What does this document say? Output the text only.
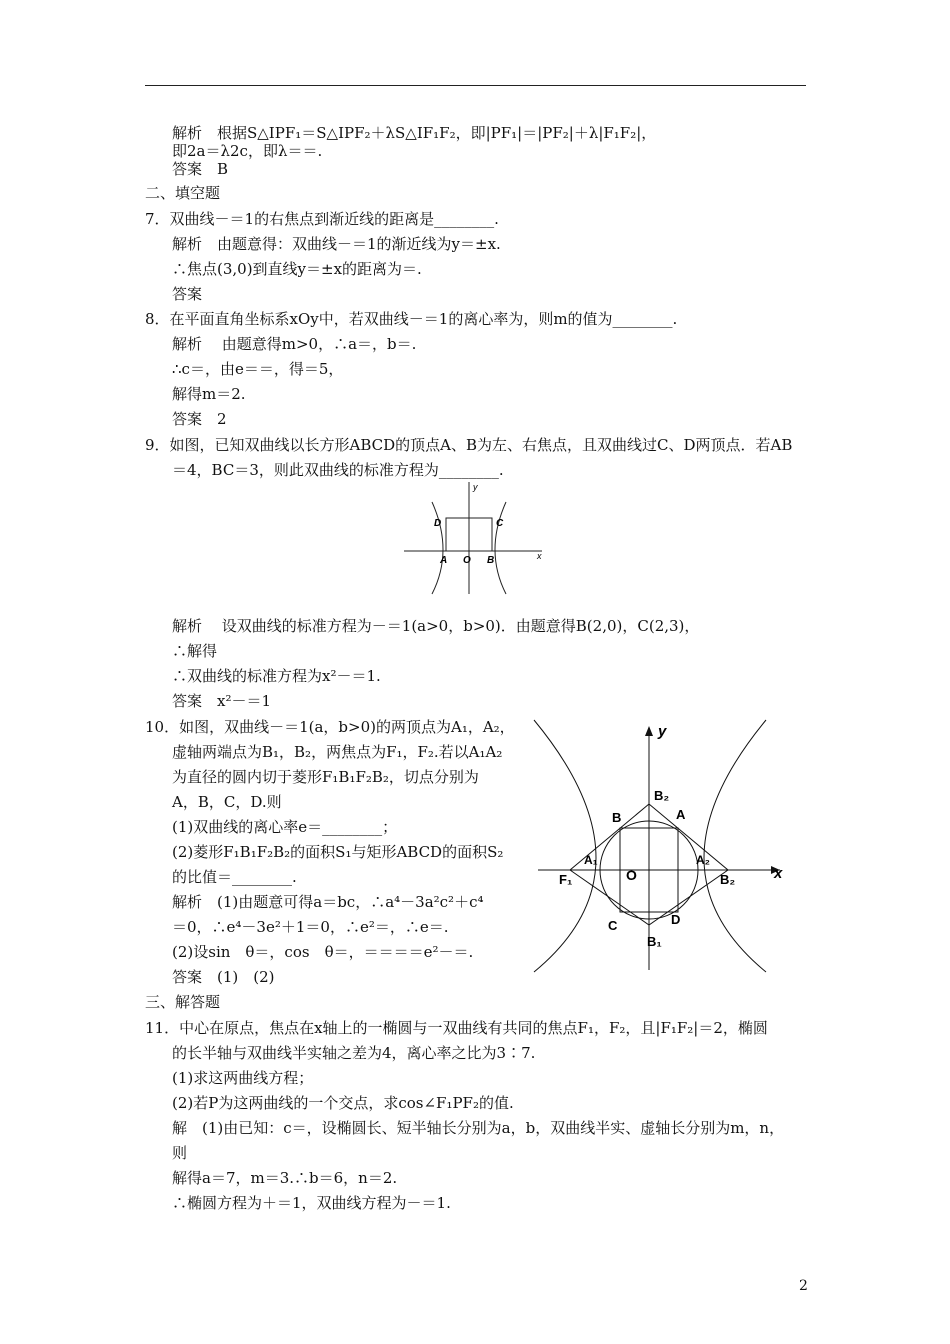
解析　根据S△IPF₁＝S△IPF₂＋λS△IF₁F₂，即|PF₁|＝|PF₂|＋λ|F₁F₂|，
即2a＝λ2c，即λ＝＝.
答案　B
二、填空题
7．双曲线－＝1的右焦点到渐近线的距离是________.
解析　由题意得：双曲线－＝1的渐近线为y＝±x.
∴焦点(3,0)到直线y＝±x的距离为＝.
答案
8．在平面直角坐标系xOy中，若双曲线－＝1的离心率为，则m的值为________.
解析　 由题意得m>0，∴a＝，b＝.
∴c＝，由e＝＝，得＝5，
解得m＝2.
答案　2
9．如图，已知双曲线以长方形ABCD的顶点A、B为左、右焦点，且双曲线过C、D两顶点．若AB
＝4，BC＝3，则此双曲线的标准方程为________.
y
x
D	C
A O B
解析　 设双曲线的标准方程为－＝1(a>0，b>0)．由题意得B(2,0)，C(2,3)，
∴解得
∴双曲线的标准方程为x²－＝1.
答案　x²－＝1
10．如图，双曲线－＝1(a，b>0)的两顶点为A₁，A₂，
虚轴两端点为B₁，B₂，两焦点为F₁，F₂.若以A₁A₂
为直径的圆内切于菱形F₁B₁F₂B₂，切点分别为
A，B，C，D.则
(1)双曲线的离心率e＝________；
(2)菱形F₁B₁F₂B₂的面积S₁与矩形ABCD的面积S₂
的比值＝________.
解析　(1)由题意可得a＝bc，∴a⁴－3a²c²＋c⁴
＝0，∴e⁴－3e²＋1＝0，∴e²＝，∴e＝.
(2)设sin　θ＝，cos　θ＝，＝＝＝＝e²－＝.
答案　(1)　(2)
y
x
B₂
A
B
A₁	A₂
O
F₁	B₂
C	D
B₁
三、解答题
11．中心在原点，焦点在x轴上的一椭圆与一双曲线有共同的焦点F₁，F₂，且|F₁F₂|＝2，椭圆
的长半轴与双曲线半实轴之差为4，离心率之比为3∶7.
(1)求这两曲线方程；
(2)若P为这两曲线的一个交点，求cos∠F₁PF₂的值.
解　(1)由已知：c＝，设椭圆长、短半轴长分别为a，b，双曲线半实、虚轴长分别为m，n，
则
解得a＝7，m＝3.∴b＝6，n＝2.
∴椭圆方程为＋＝1，双曲线方程为－＝1.
2
